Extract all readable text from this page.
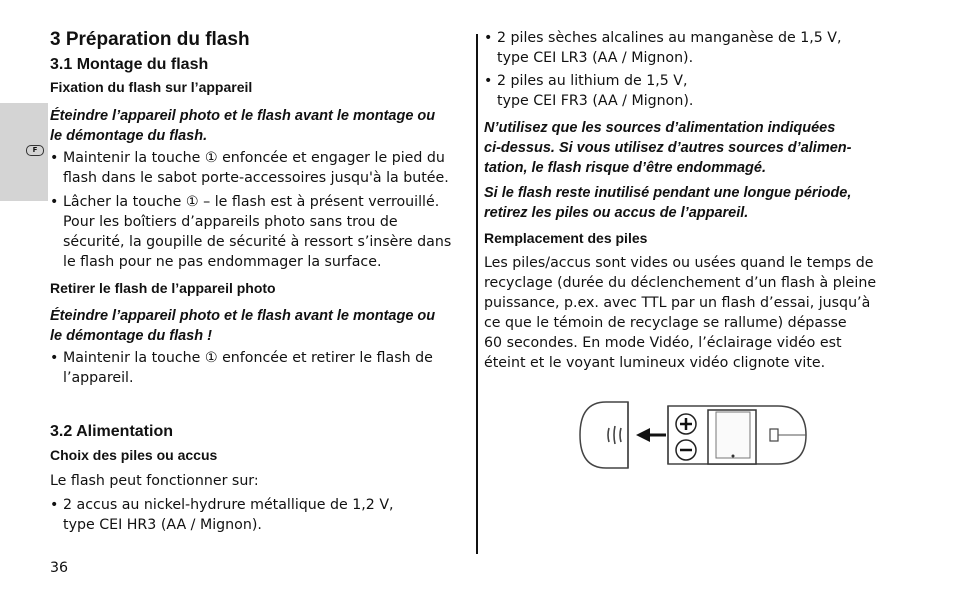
F
3 Préparation du flash
3.1 Montage du flash
Fixation du flash sur l’appareil
Éteindre l’appareil photo et le flash avant le montage ou
le démontage du flash.
• Maintenir la touche ① enfoncée et engager le pied du
flash dans le sabot porte-accessoires jusqu'à la butée.
• Lâcher la touche ① – le flash est à présent verrouillé.
Pour les boîtiers d’appareils photo sans trou de
sécurité, la goupille de sécurité à ressort s’insère dans
le flash pour ne pas endommager la surface.
Retirer le flash de l’appareil photo
Éteindre l’appareil photo et le flash avant le montage ou
le démontage du flash !
• Maintenir la touche ① enfoncée et retirer le flash de
l’appareil.
3.2 Alimentation
Choix des piles ou accus
Le flash peut fonctionner sur:
• 2 accus au nickel-hydrure métallique de 1,2 V,
type CEI HR3 (AA / Mignon).
36
• 2 piles sèches alcalines au manganèse de 1,5 V,
type CEI LR3 (AA / Mignon).
• 2 piles au lithium de 1,5 V,
type CEI FR3 (AA / Mignon).
N’utilisez que les sources d’alimentation indiquées
ci-dessus. Si vous utilisez d’autres sources d’alimen-
tation, le flash risque d’être endommagé.
Si le flash reste inutilisé pendant une longue période,
retirez les piles ou accus de l’appareil.
Remplacement des piles
Les piles/accus sont vides ou usées quand le temps de
recyclage (durée du déclenchement d’un flash à pleine
puissance, p.ex. avec TTL par un flash d’essai, jusqu’à
ce que le témoin de recyclage se rallume) dépasse
60 secondes. En mode Vidéo, l’éclairage vidéo est
éteint et le voyant lumineux vidéo clignote vite.
